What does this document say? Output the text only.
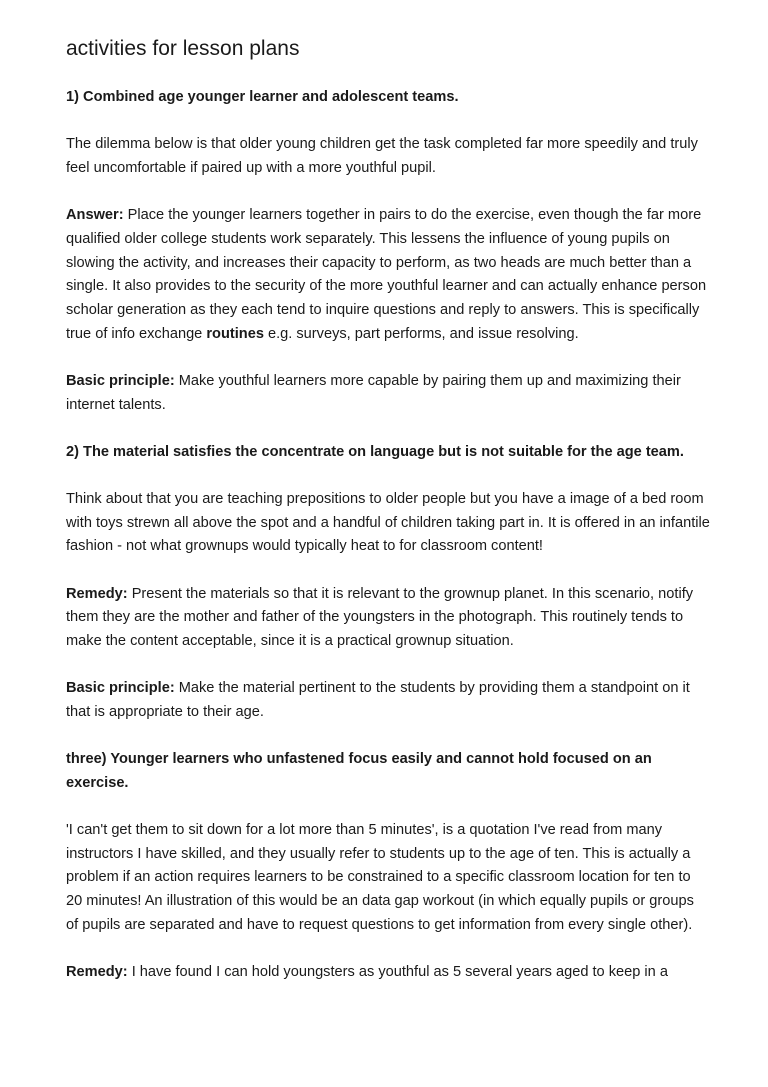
activities for lesson plans

1) Combined age younger learner and adolescent teams.

The dilemma below is that older young children get the task completed far more speedily and truly feel uncomfortable if paired up with a more youthful pupil.

Answer: Place the younger learners together in pairs to do the exercise, even though the far more qualified older college students work separately. This lessens the influence of young pupils on slowing the activity, and increases their capacity to perform, as two heads are much better than a single. It also provides to the security of the more youthful learner and can actually enhance person scholar generation as they each tend to inquire questions and reply to answers. This is specifically true of info exchange routines e.g. surveys, part performs, and issue resolving.

Basic principle: Make youthful learners more capable by pairing them up and maximizing their internet talents.

2) The material satisfies the concentrate on language but is not suitable for the age team.

Think about that you are teaching prepositions to older people but you have a image of a bed room with toys strewn all above the spot and a handful of children taking part in. It is offered in an infantile fashion - not what grownups would typically heat to for classroom content!

Remedy: Present the materials so that it is relevant to the grownup planet. In this scenario, notify them they are the mother and father of the youngsters in the photograph. This routinely tends to make the content acceptable, since it is a practical grownup situation.

Basic principle: Make the material pertinent to the students by providing them a standpoint on it that is appropriate to their age.

three) Younger learners who unfastened focus easily and cannot hold focused on an exercise.

'I can't get them to sit down for a lot more than 5 minutes', is a quotation I've read from many instructors I have skilled, and they usually refer to students up to the age of ten. This is actually a problem if an action requires learners to be constrained to a specific classroom location for ten to 20 minutes! An illustration of this would be an data gap workout (in which equally pupils or groups of pupils are separated and have to request questions to get information from every single other).

Remedy: I have found I can hold youngsters as youthful as 5 several years aged to keep in a
